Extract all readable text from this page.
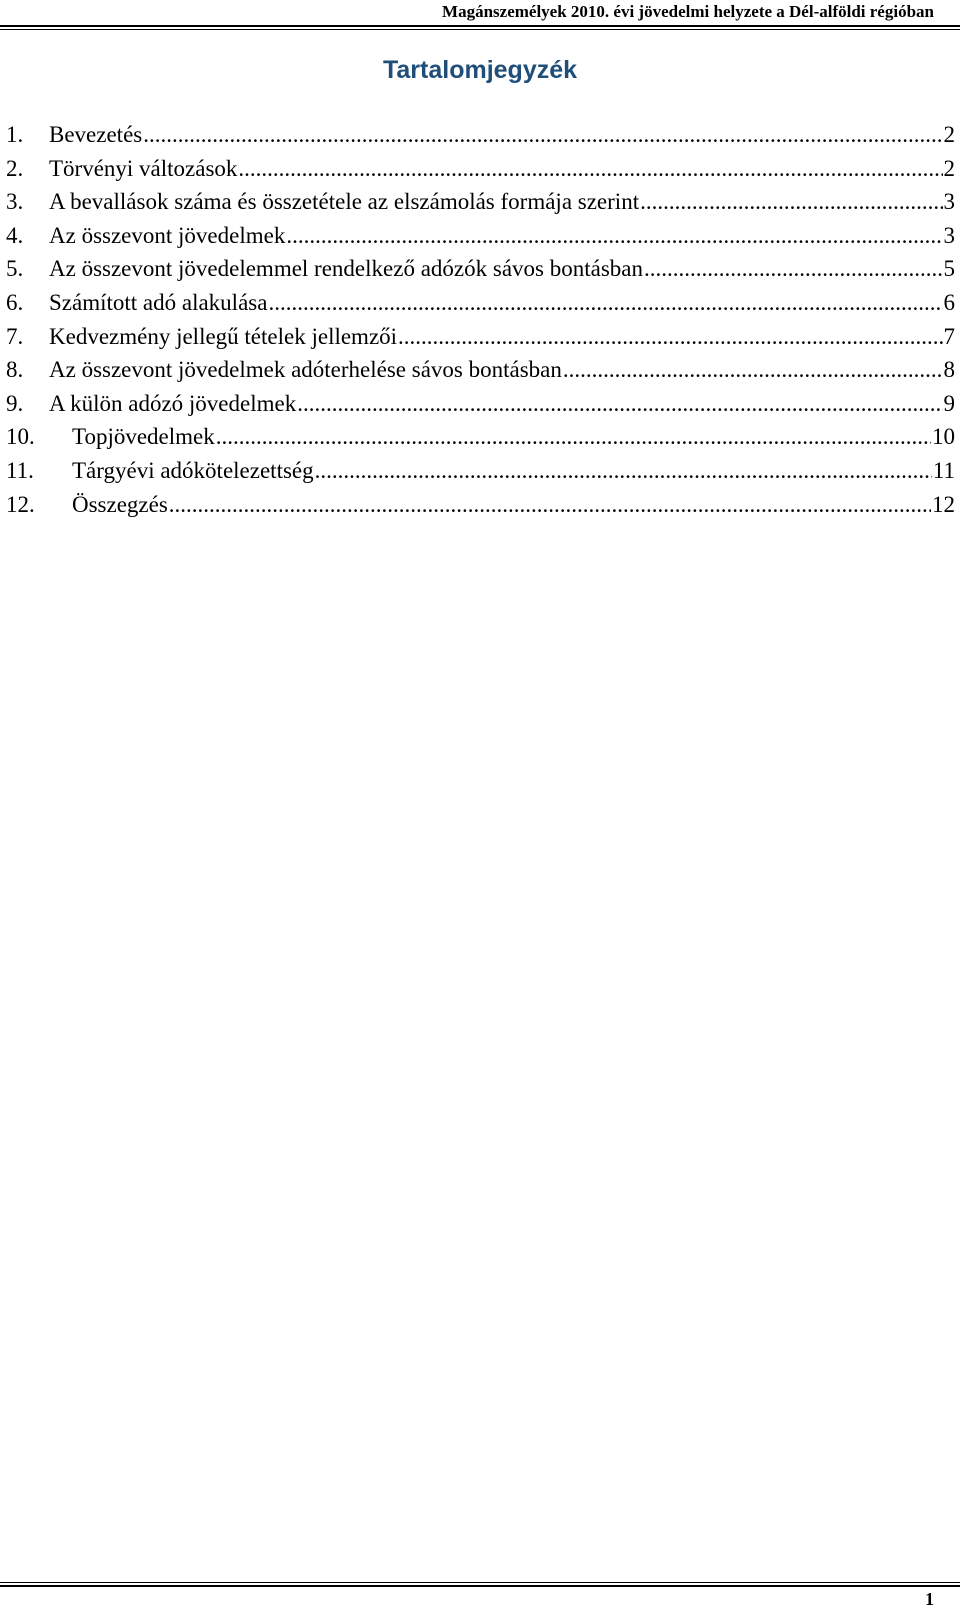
Magánszemélyek 2010. évi jövedelmi helyzete a Dél-alföldi régióban
Tartalomjegyzék
1.	Bevezetés .....	2
2.	Törvényi változások .....	2
3.	A bevallások száma és összetétele az elszámolás formája szerint .....	3
4.	Az összevont jövedelmek .....	3
5.	Az összevont jövedelemmel rendelkező adózók sávos bontásban .....	5
6.	Számított adó alakulása .....	6
7.	Kedvezmény jellegű tételek jellemzői .....	7
8.	Az összevont jövedelmek adóterhelése sávos bontásban .....	8
9.	A külön adózó jövedelmek .....	9
10.	Topjövedelmek .....	10
11.	Tárgyévi adókötelezettség .....	11
12.	Összegzés .....	12
1
